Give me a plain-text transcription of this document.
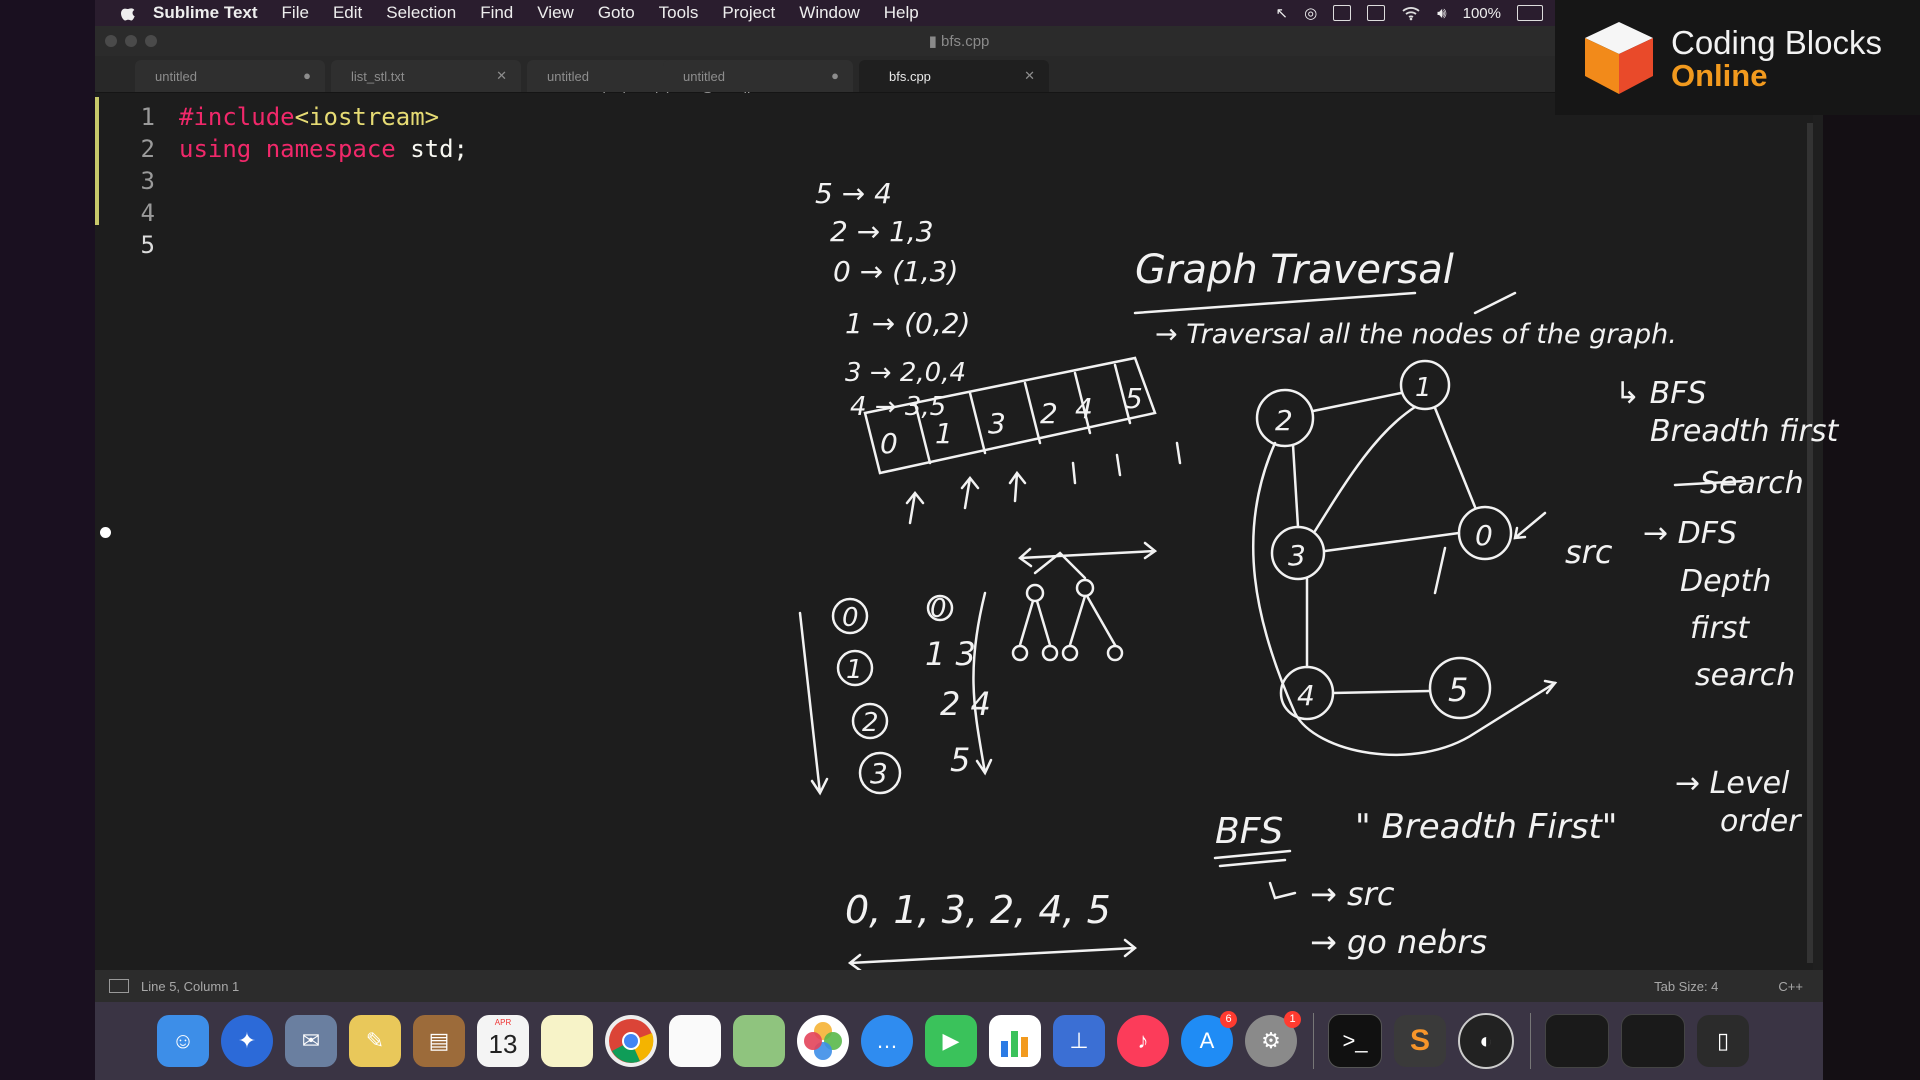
Sublime Text File Edit Selection Find View Goto Tools Project Window Help	↖ ◎	🔊︎ 100%
▮ bfs.cpp
untitled	●	list_stl.txt	✕	untitled	untitled	●	bfs.cpp	✕
1
2
3
4
5
#include<iostream>
using namespace std;
5 → 4
2 → 1,3
0 → (1,3)
1 → (0,2)
3 → 2,0,4
4 → 3,5
0 1 3 2 4 5
Graph Traversal
→ Traversal all the nodes of the graph.
↳ BFS
Breadth first
Search
→ DFS
Depth
first
search
src
0
1
2
3
4	5
0
1
2
3
0
1 3
2 4
5
BFS " Breadth First"
→ Level
order
0, 1, 3, 2, 4, 5	→ src
→ go nebrs
Line 5, Column 1	Tab Size: 4	C++
Coding Blocks
Online
☺	✦	✉	✎	▤
APR
13	…	▶	⊥	♪	A
6
⚙
1
>_	S	◐	▯
